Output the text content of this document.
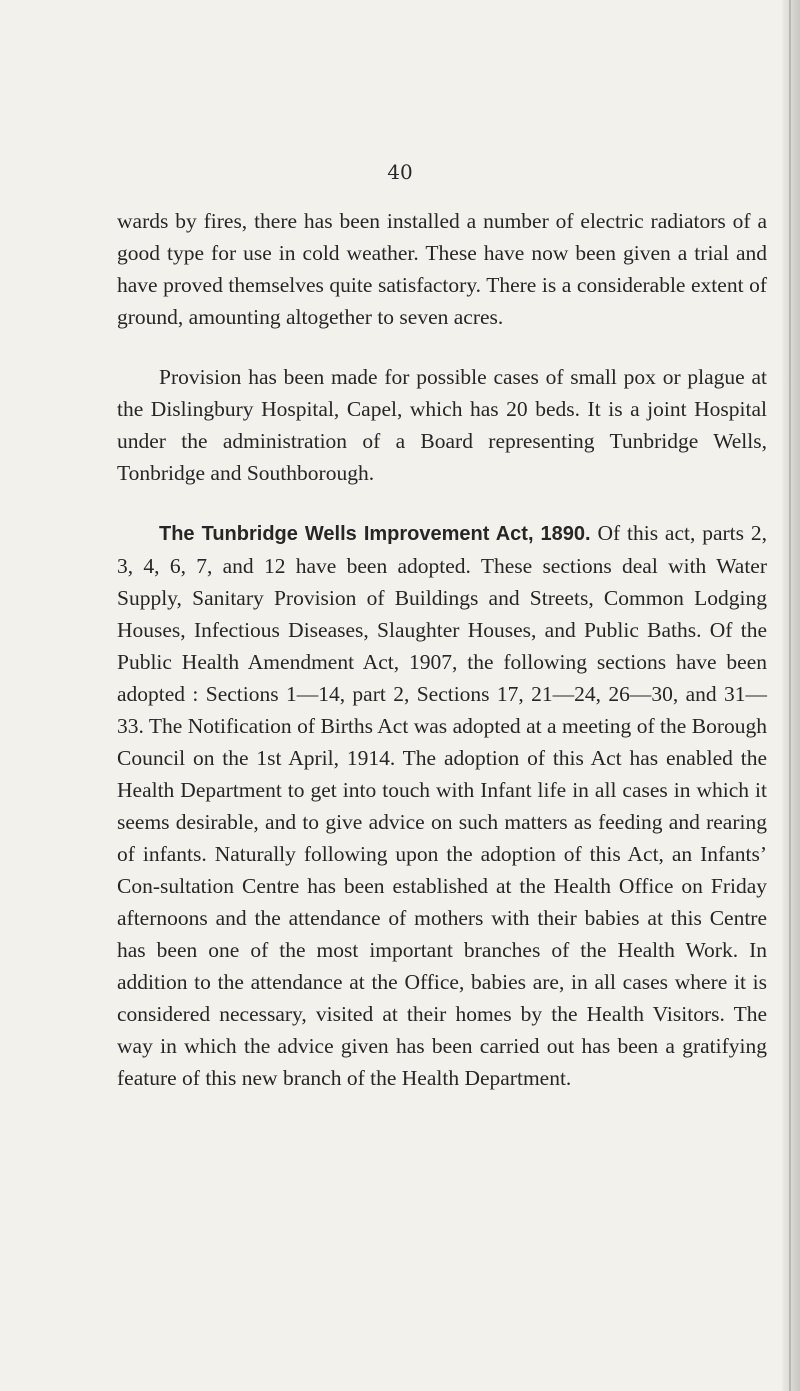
40

wards by fires, there has been installed a number of electric radiators of a good type for use in cold weather. These have now been given a trial and have proved themselves quite satisfactory. There is a considerable extent of ground, amounting altogether to seven acres.

Provision has been made for possible cases of small pox or plague at the Dislingbury Hospital, Capel, which has 20 beds. It is a joint Hospital under the administration of a Board representing Tunbridge Wells, Tonbridge and Southborough.

The Tunbridge Wells Improvement Act, 1890. Of this act, parts 2, 3, 4, 6, 7, and 12 have been adopted. These sections deal with Water Supply, Sanitary Provision of Buildings and Streets, Common Lodging Houses, Infectious Diseases, Slaughter Houses, and Public Baths. Of the Public Health Amendment Act, 1907, the following sections have been adopted : Sections 1—14, part 2, Sections 17, 21—24, 26—30, and 31—33. The Notification of Births Act was adopted at a meeting of the Borough Council on the 1st April, 1914. The adoption of this Act has enabled the Health Department to get into touch with Infant life in all cases in which it seems desirable, and to give advice on such matters as feeding and rearing of infants. Naturally following upon the adoption of this Act, an Infants’ Con-sultation Centre has been established at the Health Office on Friday afternoons and the attendance of mothers with their babies at this Centre has been one of the most important branches of the Health Work. In addition to the attendance at the Office, babies are, in all cases where it is considered necessary, visited at their homes by the Health Visitors. The way in which the advice given has been carried out has been a gratifying feature of this new branch of the Health Department.
